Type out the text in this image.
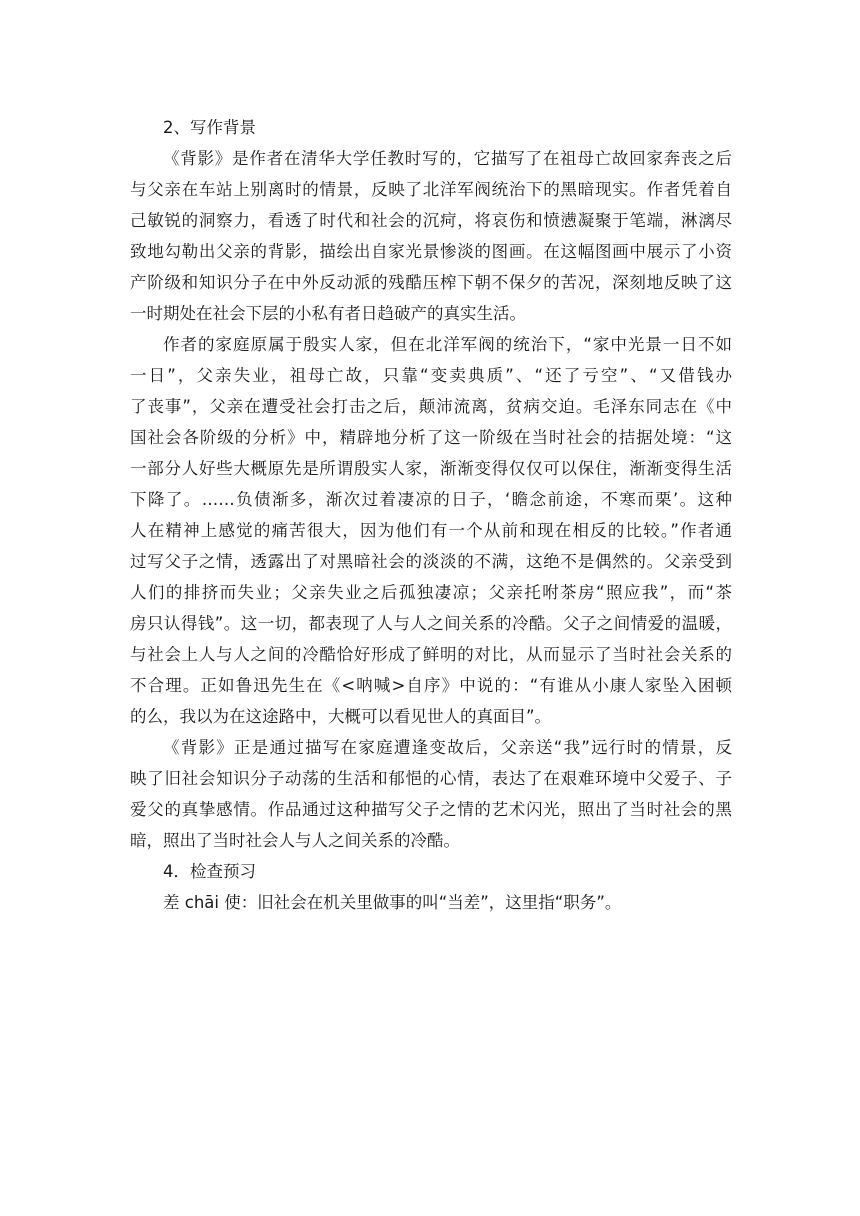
2、写作背景
《背影》是作者在清华大学任教时写的，它描写了在祖母亡故回家奔丧之后
与父亲在车站上别离时的情景，反映了北洋军阀统治下的黑暗现实。作者凭着自
己敏锐的洞察力，看透了时代和社会的沉疴，将哀伤和愤懑凝聚于笔端，淋漓尽
致地勾勒出父亲的背影，描绘出自家光景惨淡的图画。在这幅图画中展示了小资
产阶级和知识分子在中外反动派的残酷压榨下朝不保夕的苦况，深刻地反映了这
一时期处在社会下层的小私有者日趋破产的真实生活。
作者的家庭原属于殷实人家，但在北洋军阀的统治下，“家中光景一日不如
一日”，父亲失业，祖母亡故，只靠“变卖典质”、“还了亏空”、“又借钱办
了丧事”，父亲在遭受社会打击之后，颠沛流离，贫病交迫。毛泽东同志在《中
国社会各阶级的分析》中，精辟地分析了这一阶级在当时社会的拮据处境：“这
一部分人好些大概原先是所谓殷实人家，渐渐变得仅仅可以保住，渐渐变得生活
下降了。……负债渐多，渐次过着凄凉的日子，‘瞻念前途，不寒而栗’。这种
人在精神上感觉的痛苦很大，因为他们有一个从前和现在相反的比较。”作者通
过写父子之情，透露出了对黑暗社会的淡淡的不满，这绝不是偶然的。父亲受到
人们的排挤而失业；父亲失业之后孤独凄凉；父亲托咐茶房“照应我”，而“茶
房只认得钱”。这一切，都表现了人与人之间关系的冷酷。父子之间情爱的温暖，
与社会上人与人之间的冷酷恰好形成了鲜明的对比，从而显示了当时社会关系的
不合理。正如鲁迅先生在《<呐喊>自序》中说的：“有谁从小康人家坠入困顿
的么，我以为在这途路中，大概可以看见世人的真面目”。
《背影》正是通过描写在家庭遭逢变故后，父亲送“我”远行时的情景，反
映了旧社会知识分子动荡的生活和郁悒的心情，表达了在艰难环境中父爱子、子
爱父的真挚感情。作品通过这种描写父子之情的艺术闪光，照出了当时社会的黑
暗，照出了当时社会人与人之间关系的冷酷。
4．检查预习
差 chāi 使：旧社会在机关里做事的叫“当差”，这里指“职务”。
